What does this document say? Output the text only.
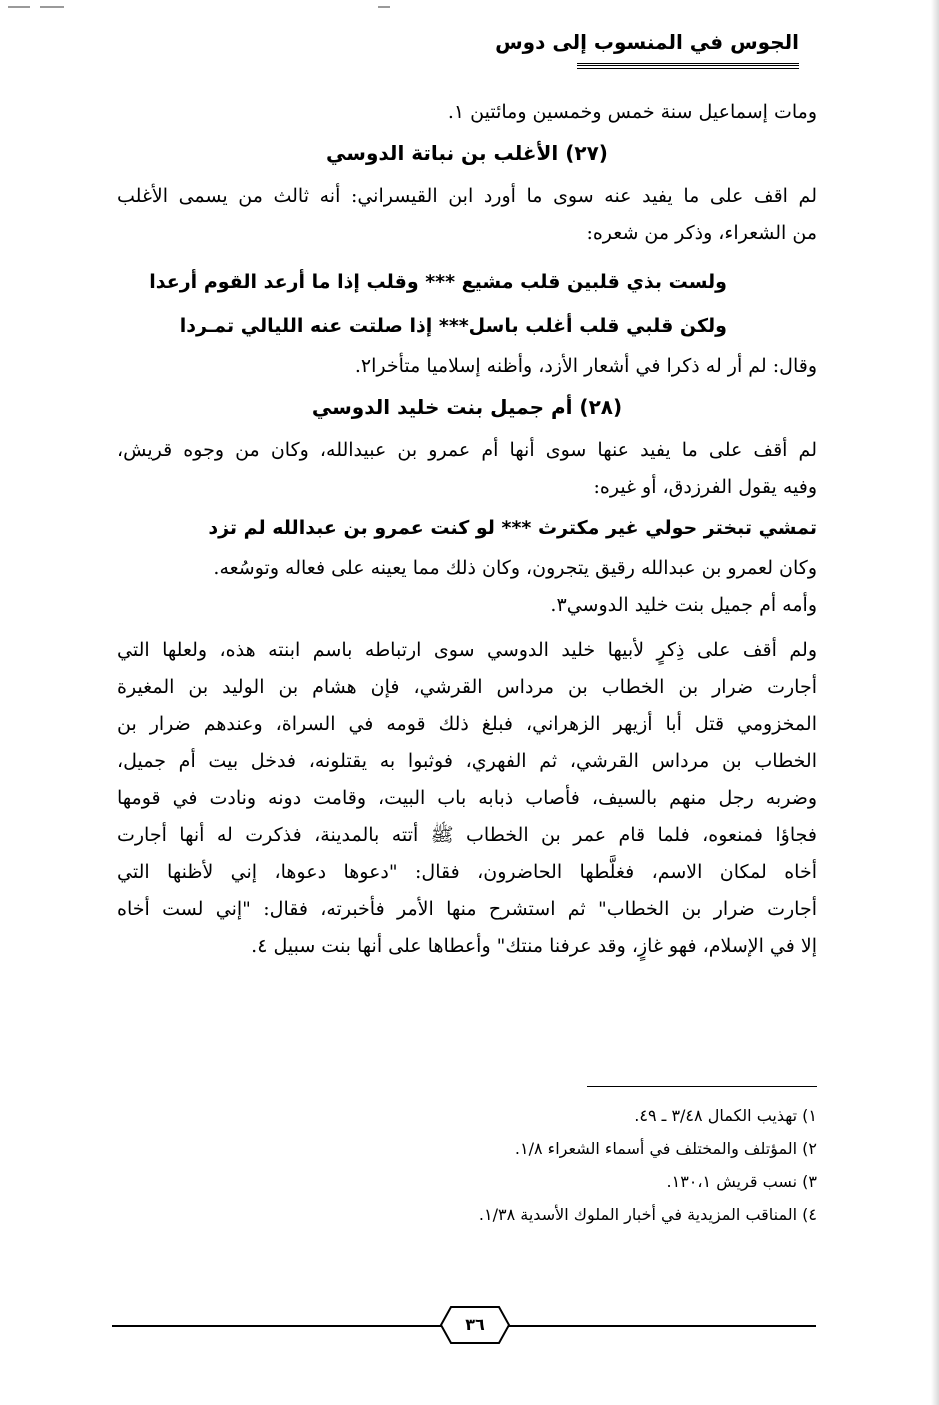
الجوس في المنسوب إلى دوس

ومات إسماعيل سنة خمس وخمسين ومائتين ١.

(٢٧) الأغلب بن نباتة الدوسي

لم اقف على ما يفيد عنه سوى ما أورد ابن القيسراني: أنه ثالث من يسمى الأغلب

من الشعراء، وذكر من شعره:

ولست بذي قلبين قلب مشيع *** وقلب إذا ما أرعد القوم أرعدا

ولكن قلبي قلب أغلب باسل*** إذا صلتت عنه الليالي تمـردا

وقال: لم أر له ذكرا في أشعار الأزد، وأظنه إسلاميا متأخرا٢.

(٢٨) أم جميل بنت خليد الدوسي

لم أقف على ما يفيد عنها سوى أنها أم عمرو بن عبيدالله، وكان من وجوه قريش،

وفيه يقول الفرزدق، أو غيره:

تمشي تبختر حولي غير مكترث *** لو كنت عمرو بن عبدالله لم تزد

وكان لعمرو بن عبدالله رقيق يتجرون، وكان ذلك مما يعينه على فعاله وتوسُعه.

وأمه أم جميل بنت خليد الدوسي٣.

ولم أقف على ذِكرٍ لأبيها خليد الدوسي سوى ارتباطه باسم ابنته هذه، ولعلها التي

أجارت ضرار بن الخطاب بن مرداس القرشي، فإن هشام بن الوليد بن المغيرة

المخزومي قتل أبا أزيهر الزهراني، فبلغ ذلك قومه في السراة، وعندهم ضرار بن

الخطاب بن مرداس القرشي، ثم الفهري، فوثبوا به يقتلونه، فدخل بيت أم جميل،

وضربه رجل منهم بالسيف، فأصاب ذبابه باب البيت، وقامت دونه ونادت في قومها

فجاؤا فمنعوه، فلما قام عمر بن الخطاب ﷺ أتته بالمدينة، فذكرت له أنها أجارت

أخاه لمكان الاسم، فغلَّطها الحاضرون، فقال: "دعوها دعوها، إني لأظنها التي

أجارت ضرار بن الخطاب" ثم استشرح منها الأمر فأخبرته، فقال: "إني لست أخاه

إلا في الإسلام، فهو غازٍ، وقد عرفنا منتك" وأعطاها على أنها بنت سبيل ٤.

١) تهذيب الكمال ٣/٤٨ ـ ٤٩.

٢) المؤتلف والمختلف في أسماء الشعراء ١/٨.

٣) نسب قريش ١٣٠،١.

٤) المناقب المزيدية في أخبار الملوك الأسدية ١/٣٨.

٣٦
